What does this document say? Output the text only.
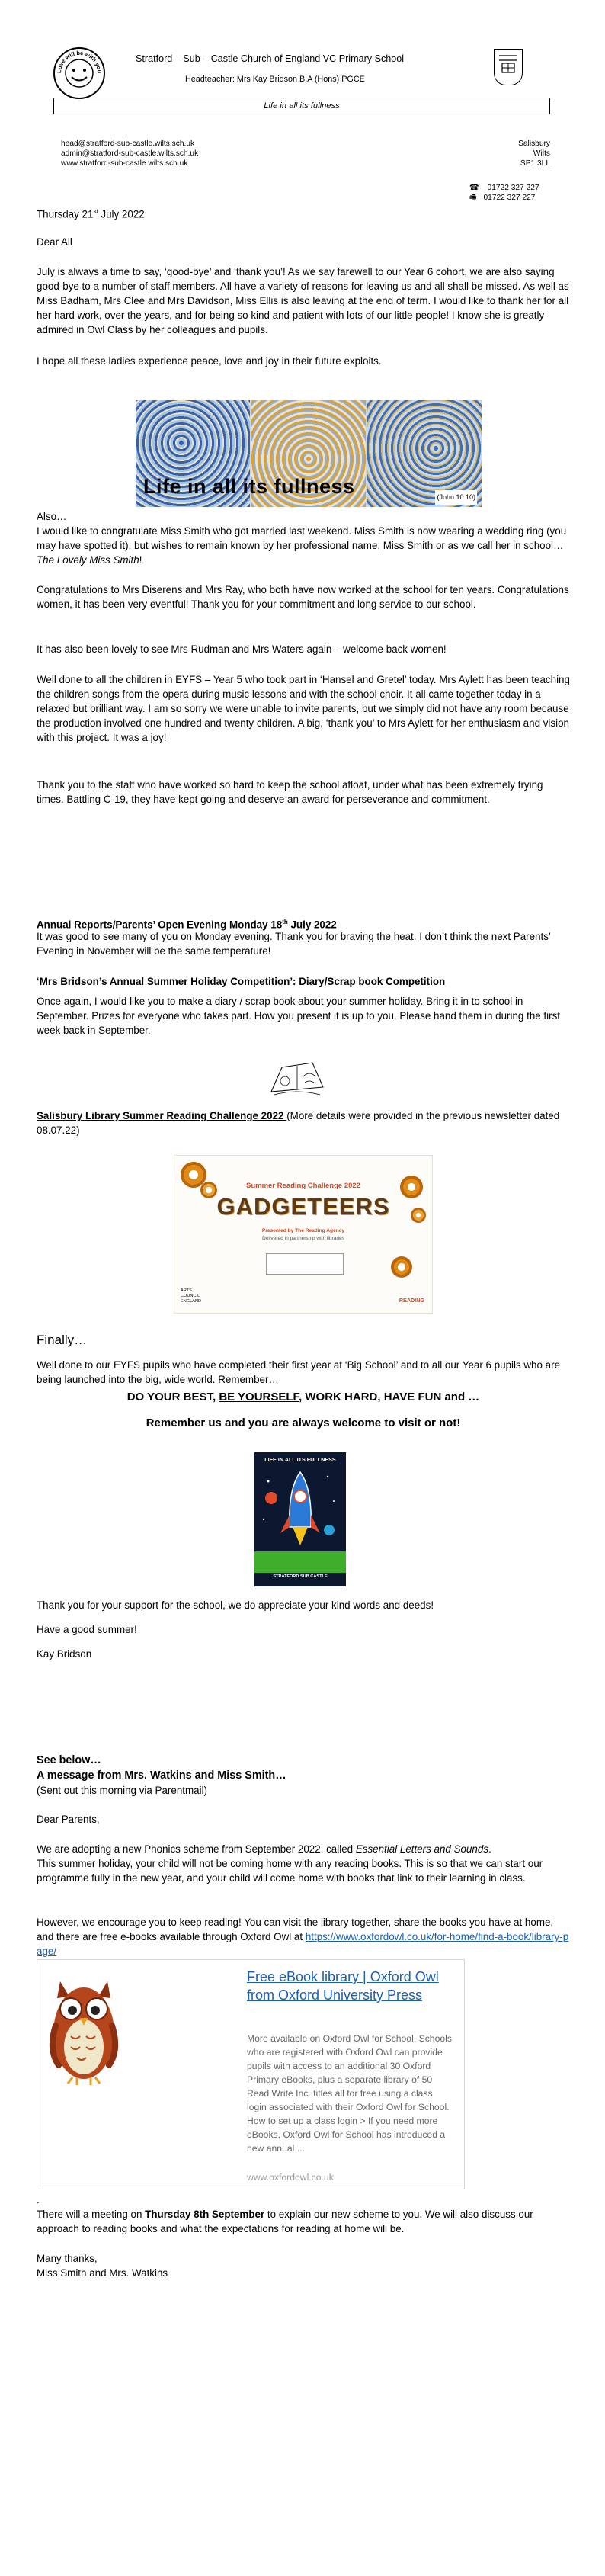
Love will be with you
Stratford – Sub – Castle Church of England VC Primary School
Headteacher: Mrs Kay Bridson B.A (Hons) PGCE
Life in all its fullness
head@stratford-sub-castle.wilts.sch.uk
admin@stratford-sub-castle.wilts.sch.uk
www.stratford-sub-castle.wilts.sch.uk
Salisbury
Wilts
SP1 3LL
☎ 01722 327 227
🖷 01722 327 227

Thursday 21st July 2022

Dear All

July is always a time to say, ‘good-bye’ and ‘thank you’! As we say farewell to our Year 6 cohort, we are also saying good-bye to a number of staff members. All have a variety of reasons for leaving us and all shall be missed. As well as Miss Badham, Mrs Clee and Mrs Davidson, Miss Ellis is also leaving at the end of term. I would like to thank her for all her hard work, over the years, and for being so kind and patient with lots of our little people! I know she is greatly admired in Owl Class by her colleagues and pupils.

I hope all these ladies experience peace, love and joy in their future exploits.

Life in all its fullness	(John 10:10)

Also…

I would like to congratulate Miss Smith who got married last weekend. Miss Smith is now wearing a wedding ring (you may have spotted it), but wishes to remain known by her professional name, Miss Smith or as we call her in school… The Lovely Miss Smith!

Congratulations to Mrs Diserens and Mrs Ray, who both have now worked at the school for ten years. Congratulations women, it has been very eventful! Thank you for your commitment and long service to our school.

It has also been lovely to see Mrs Rudman and Mrs Waters again – welcome back women!

Well done to all the children in EYFS – Year 5 who took part in ‘Hansel and Gretel’ today. Mrs Aylett has been teaching the children songs from the opera during music lessons and with the school choir. It all came together today in a relaxed but brilliant way. I am so sorry we were unable to invite parents, but we simply did not have any room because the production involved one hundred and twenty children. A big, ‘thank you’ to Mrs Aylett for her enthusiasm and vision with this project. It was a joy!

Thank you to the staff who have worked so hard to keep the school afloat, under what has been extremely trying times. Battling C-19, they have kept going and deserve an award for perseverance and commitment.

Annual Reports/Parents’ Open Evening Monday 18th July 2022

It was good to see many of you on Monday evening. Thank you for braving the heat. I don’t think the next Parents’ Evening in November will be the same temperature!

‘Mrs Bridson’s Annual Summer Holiday Competition’: Diary/Scrap book Competition

Once again, I would like you to make a diary / scrap book about your summer holiday. Bring it in to school in September. Prizes for everyone who takes part. How you present it is up to you. Please hand them in during the first week back in September.

Salisbury Library Summer Reading Challenge 2022 (More details were provided in the previous newsletter dated 08.07.22)

Summer Reading Challenge 2022
GADGETEERS
Presented by The Reading Agency
Delivered in partnership with libraries
ARTS COUNCIL ENGLAND	READING

Finally…

Well done to our EYFS pupils who have completed their first year at ‘Big School’ and to all our Year 6 pupils who are being launched into the big, wide world. Remember…

DO YOUR BEST, BE YOURSELF, WORK HARD, HAVE FUN and …

Remember us and you are always welcome to visit or not!

LIFE IN ALL ITS FULLNESS
STRATFORD SUB CASTLE

Thank you for your support for the school, we do appreciate your kind words and deeds!

Have a good summer!

Kay Bridson

See below…

A message from Mrs. Watkins and Miss Smith…

(Sent out this morning via Parentmail)

Dear Parents,

We are adopting a new Phonics scheme from September 2022, called Essential Letters and Sounds.

This summer holiday, your child will not be coming home with any reading books. This is so that we can start our programme fully in the new year, and your child will come home with books that link to their learning in class.

However, we encourage you to keep reading! You can visit the library together, share the books you have at home, and there are free e-books available through Oxford Owl at https://www.oxfordowl.co.uk/for-home/find-a-book/library-page/

Free eBook library | Oxford Owl from Oxford University Press
More available on Oxford Owl for School. Schools who are registered with Oxford Owl can provide pupils with access to an additional 30 Oxford Primary eBooks, plus a separate library of 50 Read Write Inc. titles all for free using a class login associated with their Oxford Owl for School. How to set up a class login > If you need more eBooks, Oxford Owl for School has introduced a new annual ...
www.oxfordowl.co.uk

.

There will a meeting on Thursday 8th September to explain our new scheme to you. We will also discuss our approach to reading books and what the expectations for reading at home will be.

Many thanks,

Miss Smith and Mrs. Watkins
